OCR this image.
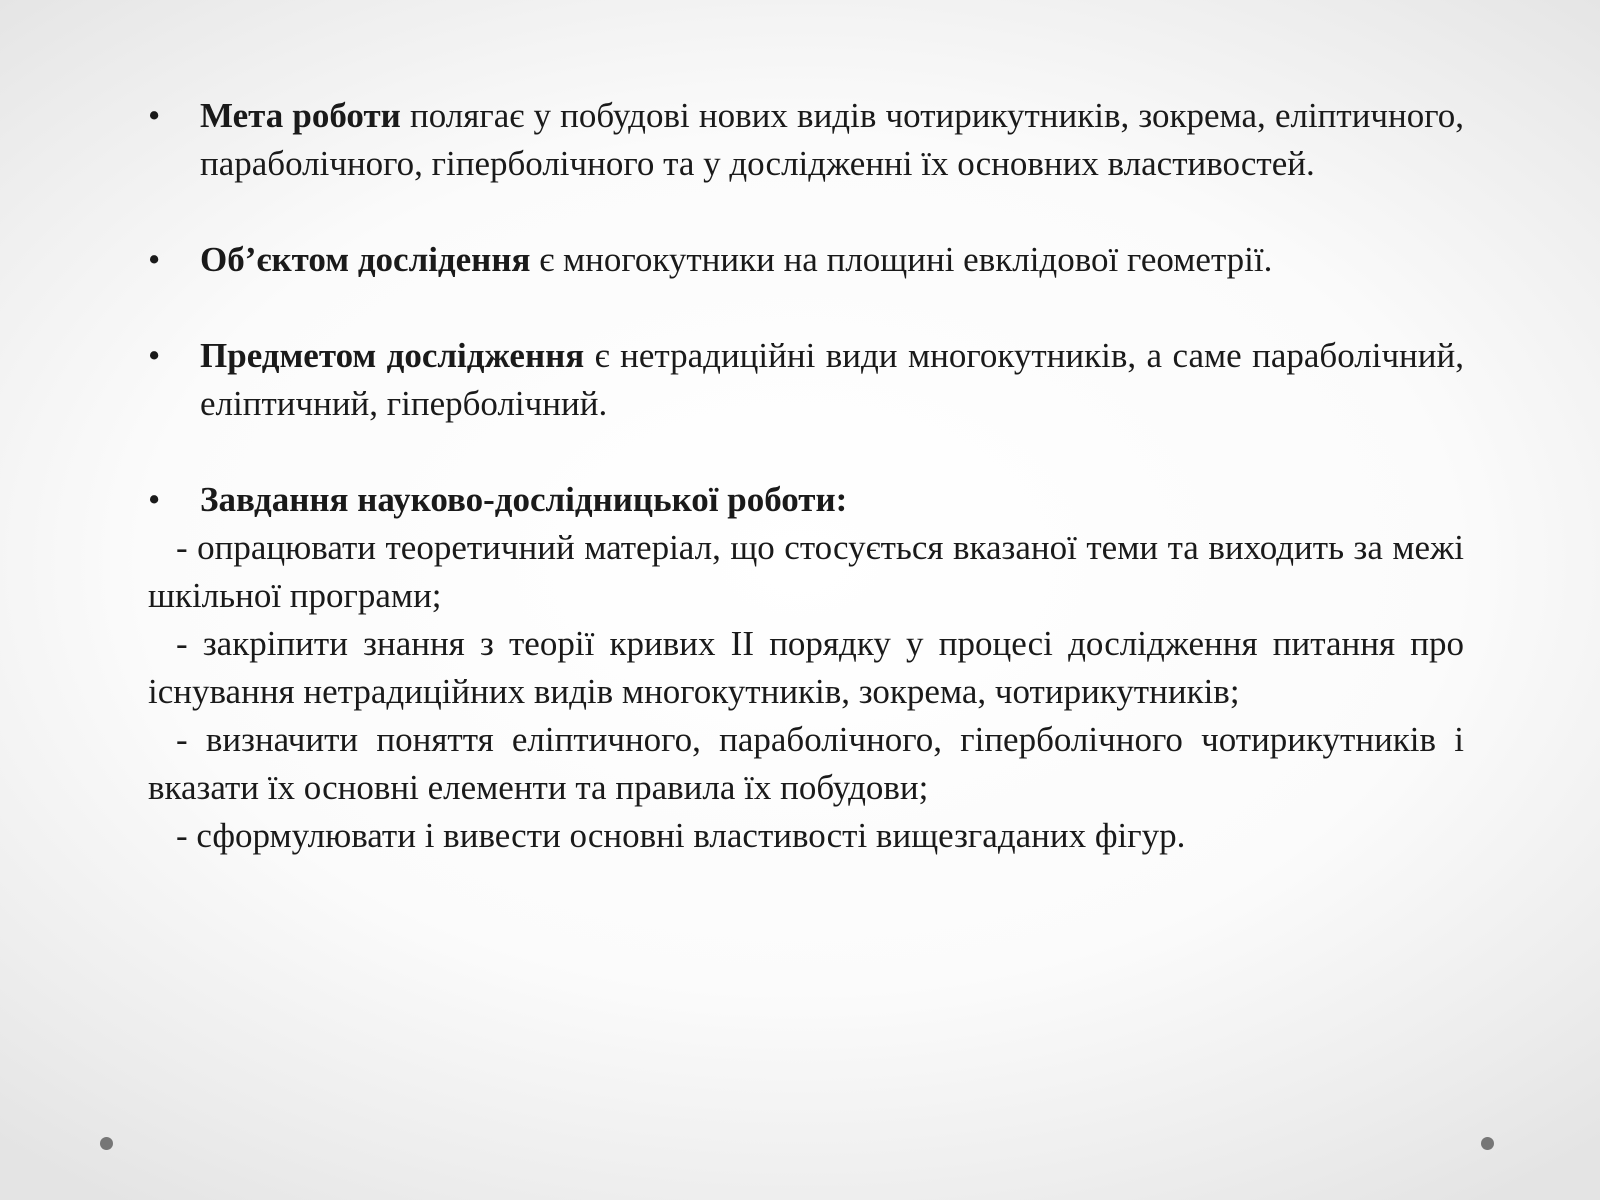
• Мета роботи полягає у побудові нових видів чотирикутників, зокрема, еліптичного, параболічного, гіперболічного та у дослідженні їх основних властивостей.
• Об’єктом дослідення є многокутники на площині евклідової геометрії.
• Предметом дослідження є нетрадиційні види многокутників, а саме параболічний, еліптичний, гіперболічний.
• Завдання науково-дослідницької роботи:

- опрацювати теоретичний матеріал, що стосується вказаної теми та виходить за межі шкільної програми;

- закріпити знання з теорії кривих ІІ порядку у процесі дослідження питання про існування нетрадиційних видів многокутників, зокрема, чотирикутників;

- визначити поняття еліптичного, параболічного, гіперболічного чотирикутників і вказати їх основні елементи та правила їх побудови;

- сформулювати і вивести основні властивості вищезгаданих фігур.
